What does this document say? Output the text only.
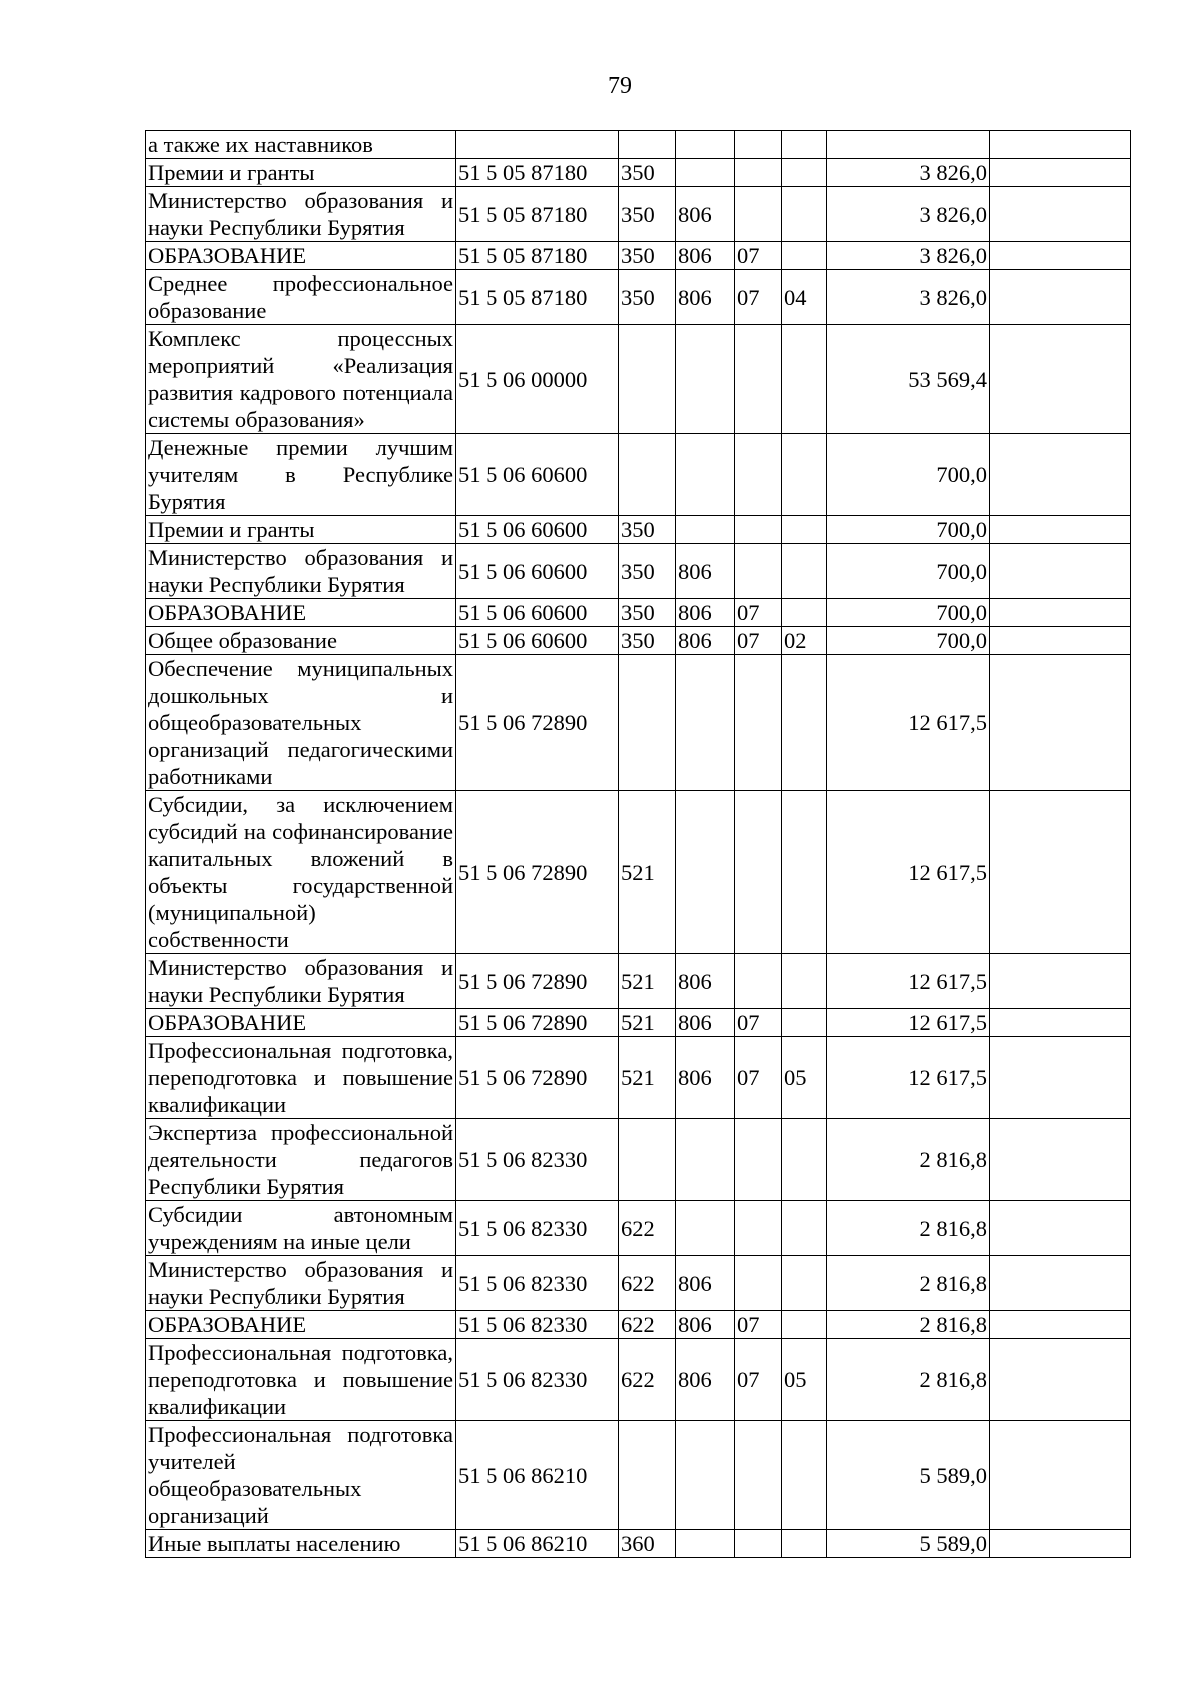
79
а также их наставников							
Премии и гранты	51 5 05 87180	350				3 826,0	
Министерство образования и науки Республики Бурятия	51 5 05 87180	350	806			3 826,0	
ОБРАЗОВАНИЕ	51 5 05 87180	350	806	07		3 826,0	
Среднее профессиональное образование	51 5 05 87180	350	806	07	04	3 826,0	
Комплекс процессных мероприятий «Реализация развития кадрового потенциала системы образования»	51 5 06 00000					53 569,4	
Денежные премии лучшим учителям в Республике Бурятия	51 5 06 60600					700,0	
Премии и гранты	51 5 06 60600	350				700,0	
Министерство образования и науки Республики Бурятия	51 5 06 60600	350	806			700,0	
ОБРАЗОВАНИЕ	51 5 06 60600	350	806	07		700,0	
Общее образование	51 5 06 60600	350	806	07	02	700,0	
Обеспечение муниципальных дошкольных и общеобразовательных организаций педагогическими работниками	51 5 06 72890					12 617,5	
Субсидии, за исключением субсидий на софинансирование капитальных вложений в объекты государственной (муниципальной) собственности	51 5 06 72890	521				12 617,5	
Министерство образования и науки Республики Бурятия	51 5 06 72890	521	806			12 617,5	
ОБРАЗОВАНИЕ	51 5 06 72890	521	806	07		12 617,5	
Профессиональная подготовка, переподготовка и повышение квалификации	51 5 06 72890	521	806	07	05	12 617,5	
Экспертиза профессиональной деятельности педагогов Республики Бурятия	51 5 06 82330					2 816,8	
Субсидии автономным учреждениям на иные цели	51 5 06 82330	622				2 816,8	
Министерство образования и науки Республики Бурятия	51 5 06 82330	622	806			2 816,8	
ОБРАЗОВАНИЕ	51 5 06 82330	622	806	07		2 816,8	
Профессиональная подготовка, переподготовка и повышение квалификации	51 5 06 82330	622	806	07	05	2 816,8	
Профессиональная подготовка учителей общеобразовательных организаций	51 5 06 86210					5 589,0	
Иные выплаты населению	51 5 06 86210	360				5 589,0	
